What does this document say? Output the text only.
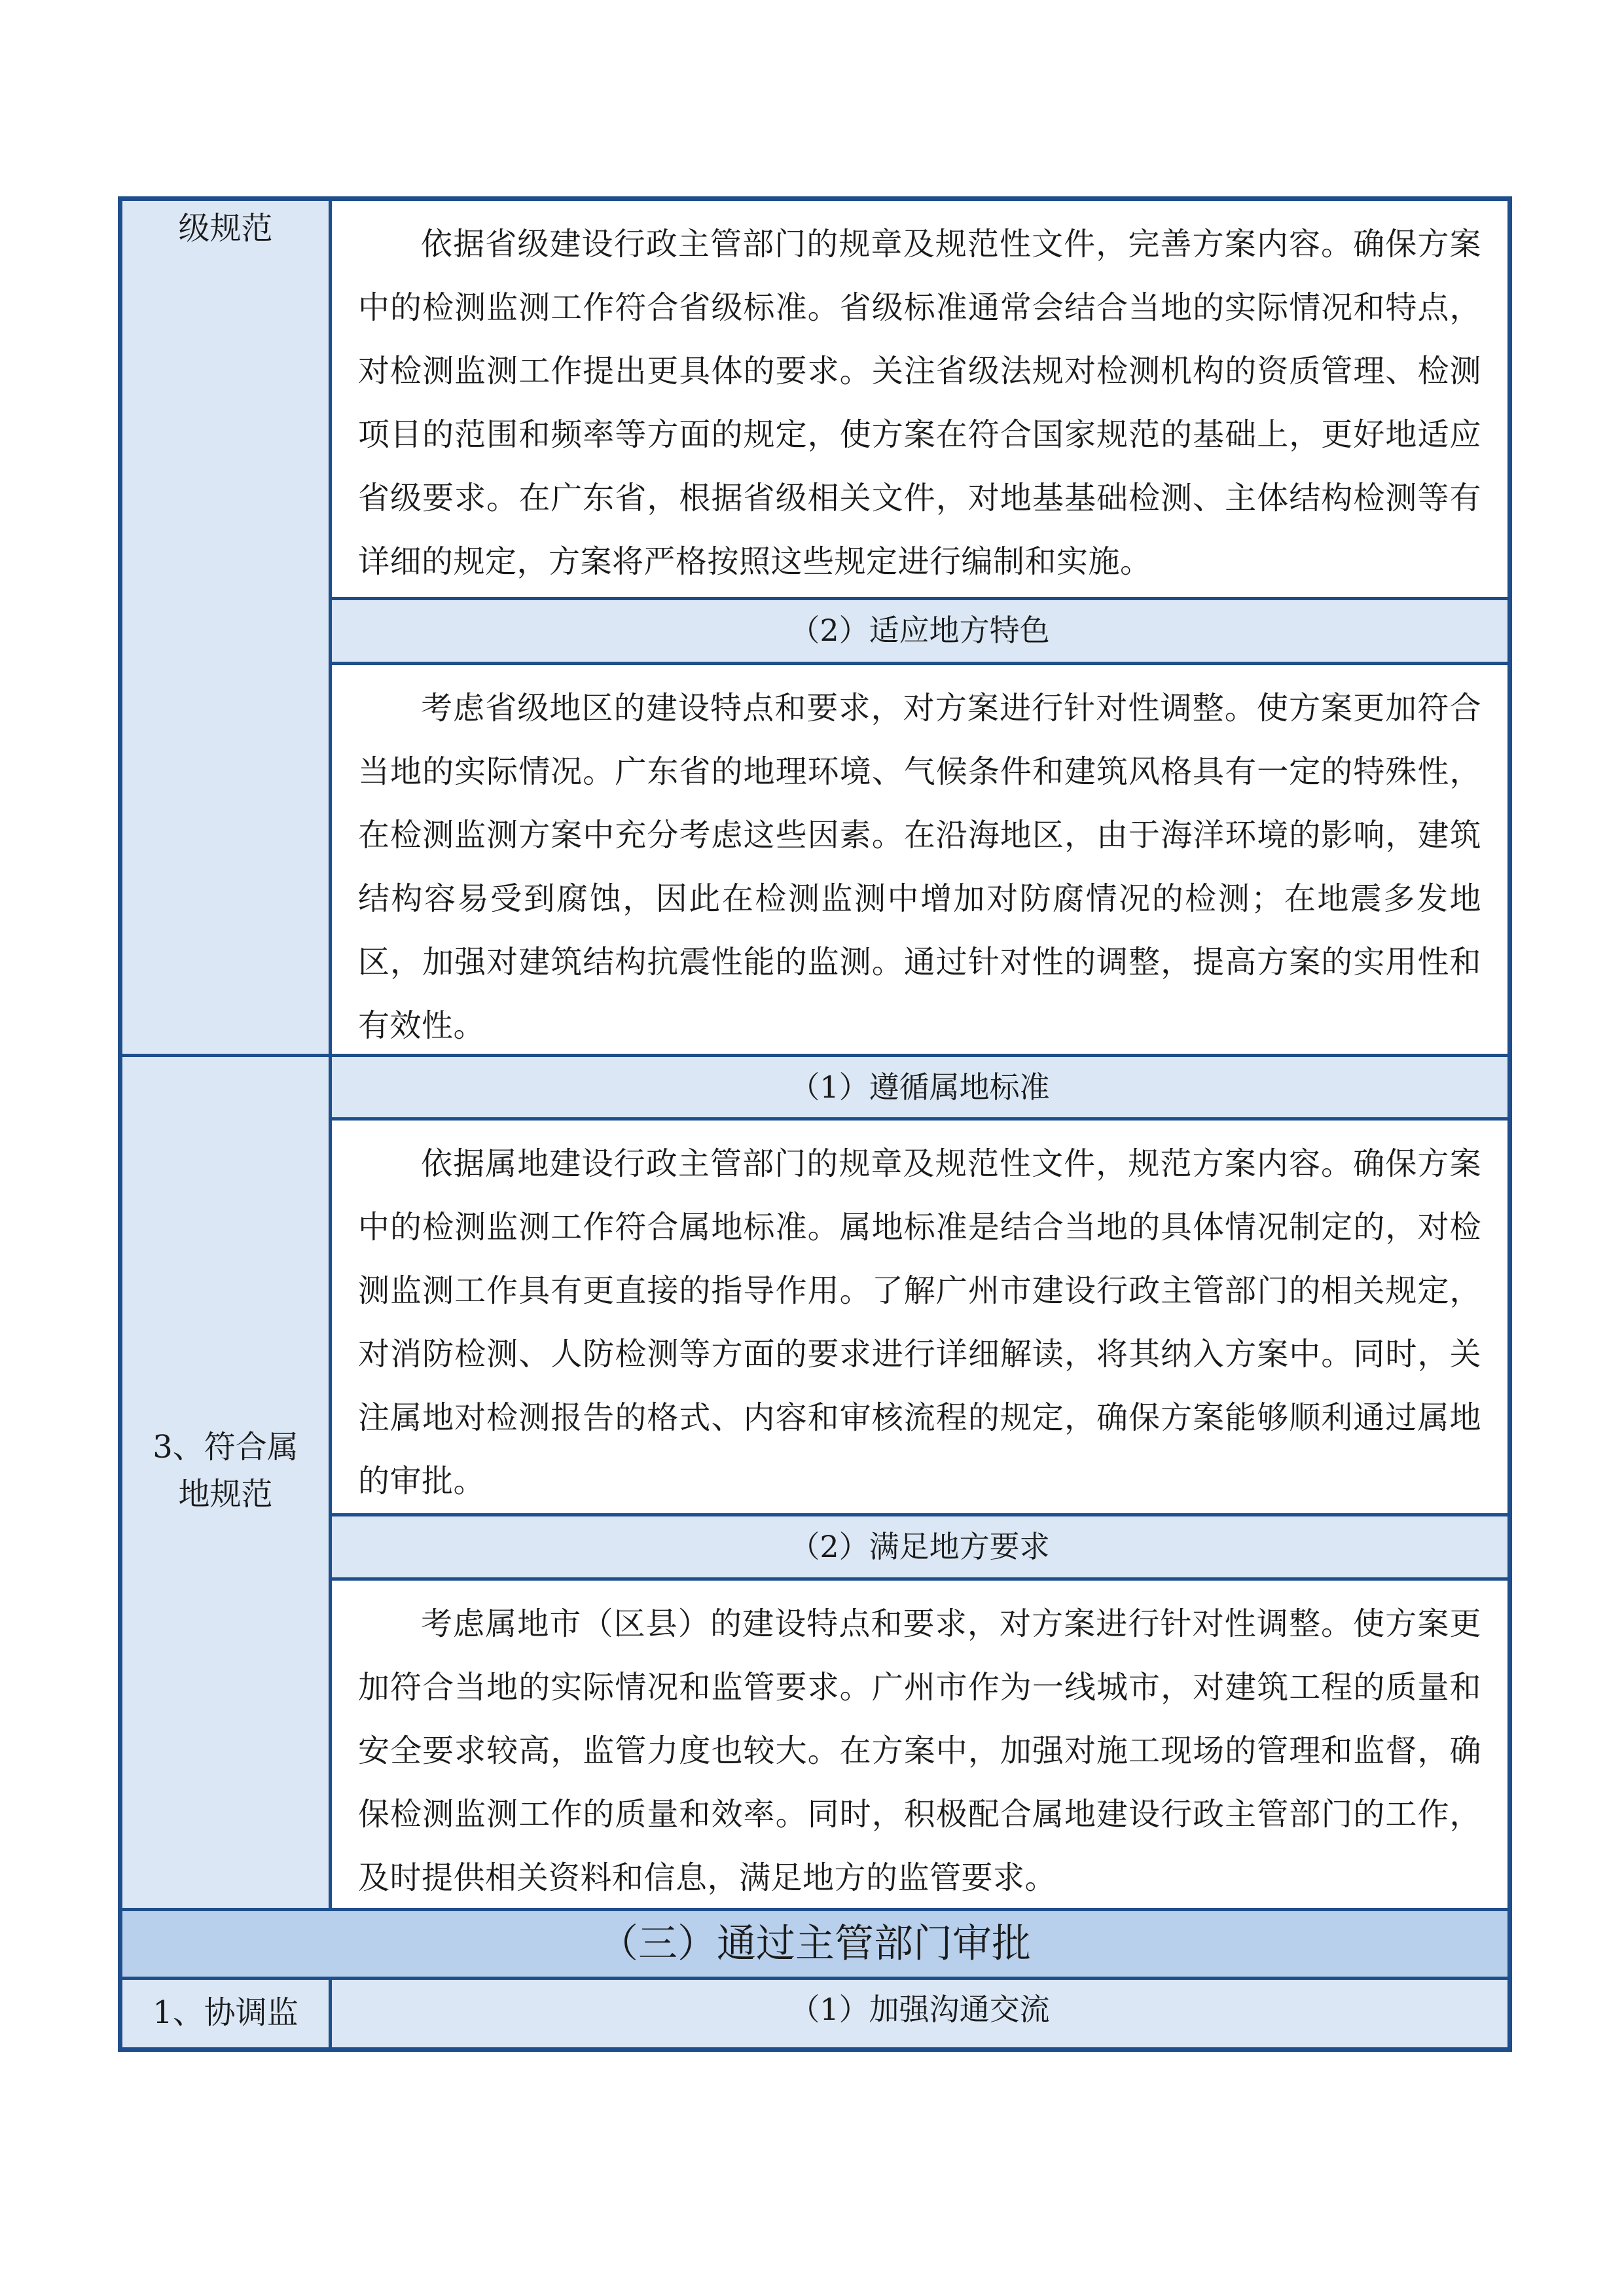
级规范	依据省级建设行政主管部门的规章及规范性文件，完善方案内容。确保方案中的检测监测工作符合省级标准。省级标准通常会结合当地的实际情况和特点，对检测监测工作提出更具体的要求。关注省级法规对检测机构的资质管理、检测项目的范围和频率等方面的规定，使方案在符合国家规范的基础上，更好地适应省级要求。在广东省，根据省级相关文件，对地基基础检测、主体结构检测等有详细的规定，方案将严格按照这些规定进行编制和实施。
（2）适应地方特色
考虑省级地区的建设特点和要求，对方案进行针对性调整。使方案更加符合当地的实际情况。广东省的地理环境、气候条件和建筑风格具有一定的特殊性，在检测监测方案中充分考虑这些因素。在沿海地区，由于海洋环境的影响，建筑结构容易受到腐蚀，因此在检测监测中增加对防腐情况的检测；在地震多发地区，加强对建筑结构抗震性能的监测。通过针对性的调整，提高方案的实用性和有效性。
3、符合属地规范
（1）遵循属地标准
依据属地建设行政主管部门的规章及规范性文件，规范方案内容。确保方案中的检测监测工作符合属地标准。属地标准是结合当地的具体情况制定的，对检测监测工作具有更直接的指导作用。了解广州市建设行政主管部门的相关规定，对消防检测、人防检测等方面的要求进行详细解读，将其纳入方案中。同时，关注属地对检测报告的格式、内容和审核流程的规定，确保方案能够顺利通过属地的审批。
（2）满足地方要求
考虑属地市（区县）的建设特点和要求，对方案进行针对性调整。使方案更加符合当地的实际情况和监管要求。广州市作为一线城市，对建筑工程的质量和安全要求较高，监管力度也较大。在方案中，加强对施工现场的管理和监督，确保检测监测工作的质量和效率。同时，积极配合属地建设行政主管部门的工作，及时提供相关资料和信息，满足地方的监管要求。
（三）通过主管部门审批
1、协调监	（1）加强沟通交流
